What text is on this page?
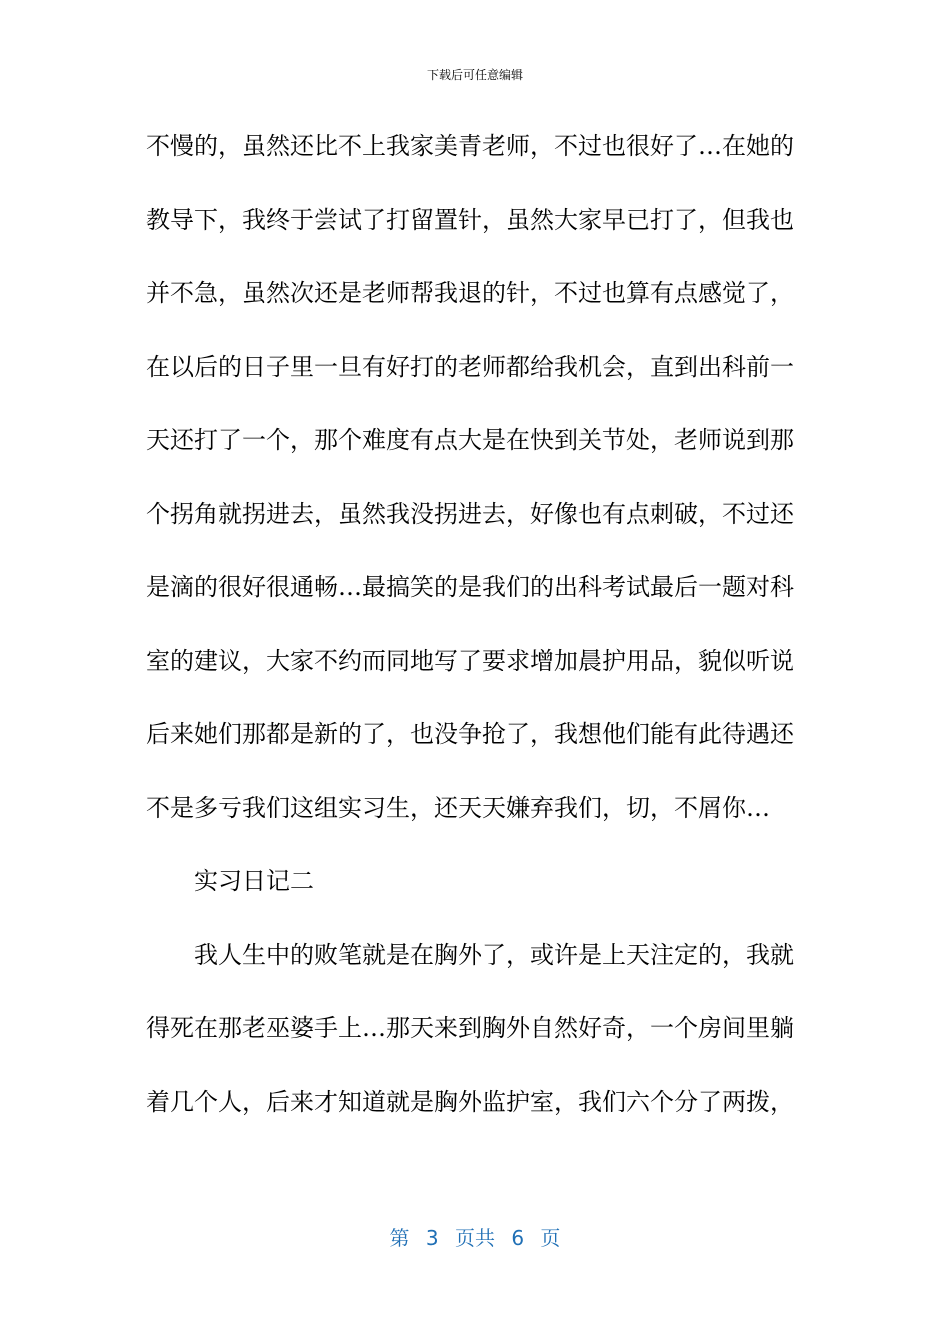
下载后可任意编辑
不慢的，虽然还比不上我家美青老师，不过也很好了…在她的
教导下，我终于尝试了打留置针，虽然大家早已打了，但我也
并不急，虽然次还是老师帮我退的针，不过也算有点感觉了，
在以后的日子里一旦有好打的老师都给我机会，直到出科前一
天还打了一个，那个难度有点大是在快到关节处，老师说到那
个拐角就拐进去，虽然我没拐进去，好像也有点刺破，不过还
是滴的很好很通畅…最搞笑的是我们的出科考试最后一题对科
室的建议，大家不约而同地写了要求增加晨护用品，貌似听说
后来她们那都是新的了，也没争抢了，我想他们能有此待遇还
不是多亏我们这组实习生，还天天嫌弃我们，切，不屑你…
实习日记二
我人生中的败笔就是在胸外了，或许是上天注定的，我就
得死在那老巫婆手上…那天来到胸外自然好奇，一个房间里躺
着几个人，后来才知道就是胸外监护室，我们六个分了两拨，
第 3 页共 6 页
